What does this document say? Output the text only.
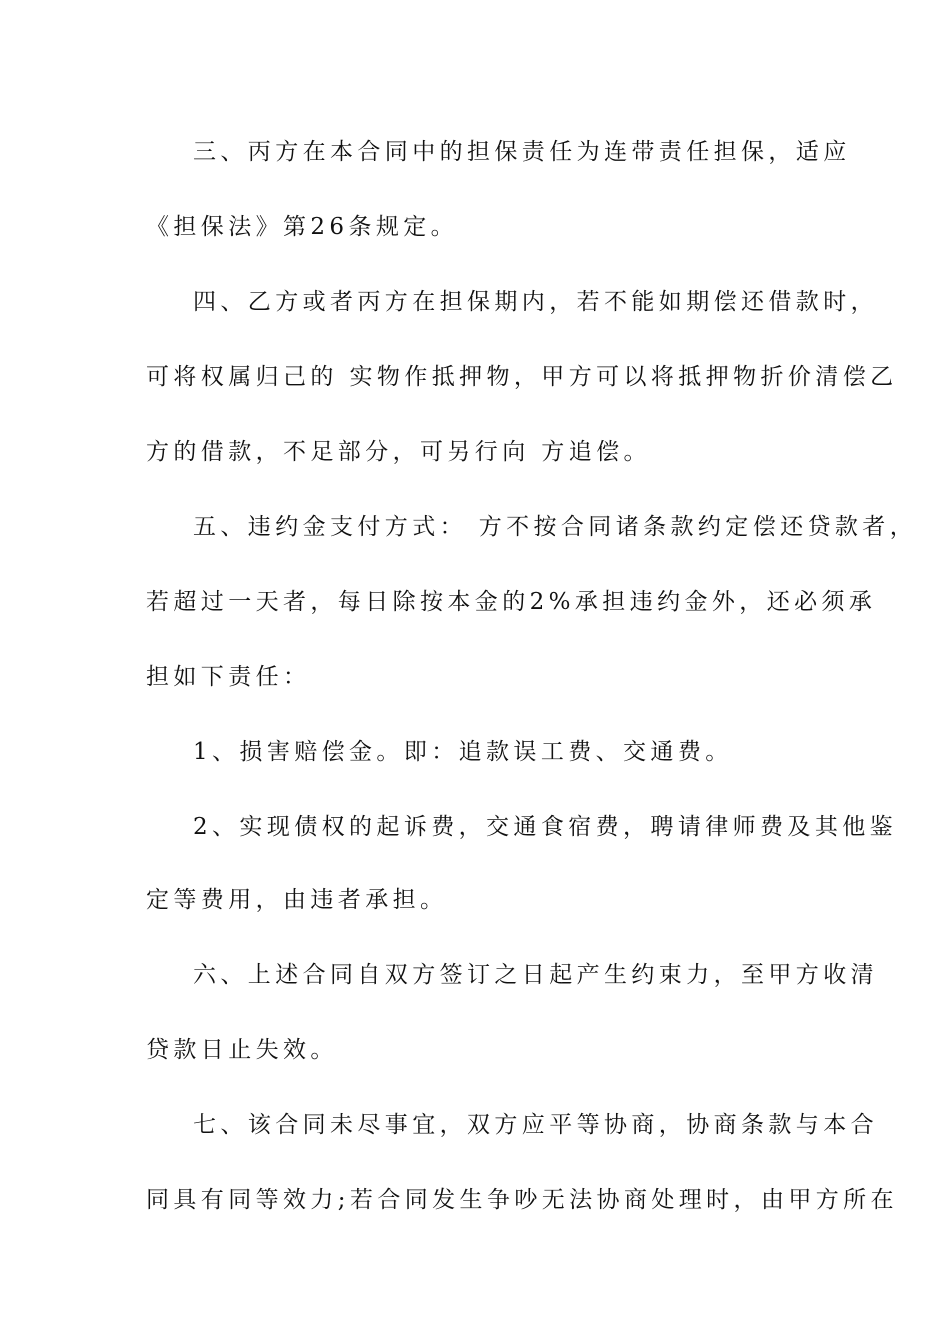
三、丙方在本合同中的担保责任为连带责任担保，适应
《担保法》第26条规定。
四、乙方或者丙方在担保期内，若不能如期偿还借款时，
可将权属归己的 实物作抵押物，甲方可以将抵押物折价清偿乙
方的借款，不足部分，可另行向 方追偿。
五、违约金支付方式： 方不按合同诸条款约定偿还贷款者，
若超过一天者，每日除按本金的2%承担违约金外，还必须承
担如下责任：
1、损害赔偿金。即：追款误工费、交通费。
2、实现债权的起诉费，交通食宿费，聘请律师费及其他鉴
定等费用，由违者承担。
六、上述合同自双方签订之日起产生约束力，至甲方收清
贷款日止失效。
七、该合同未尽事宜，双方应平等协商，协商条款与本合
同具有同等效力;若合同发生争吵无法协商处理时，由甲方所在
